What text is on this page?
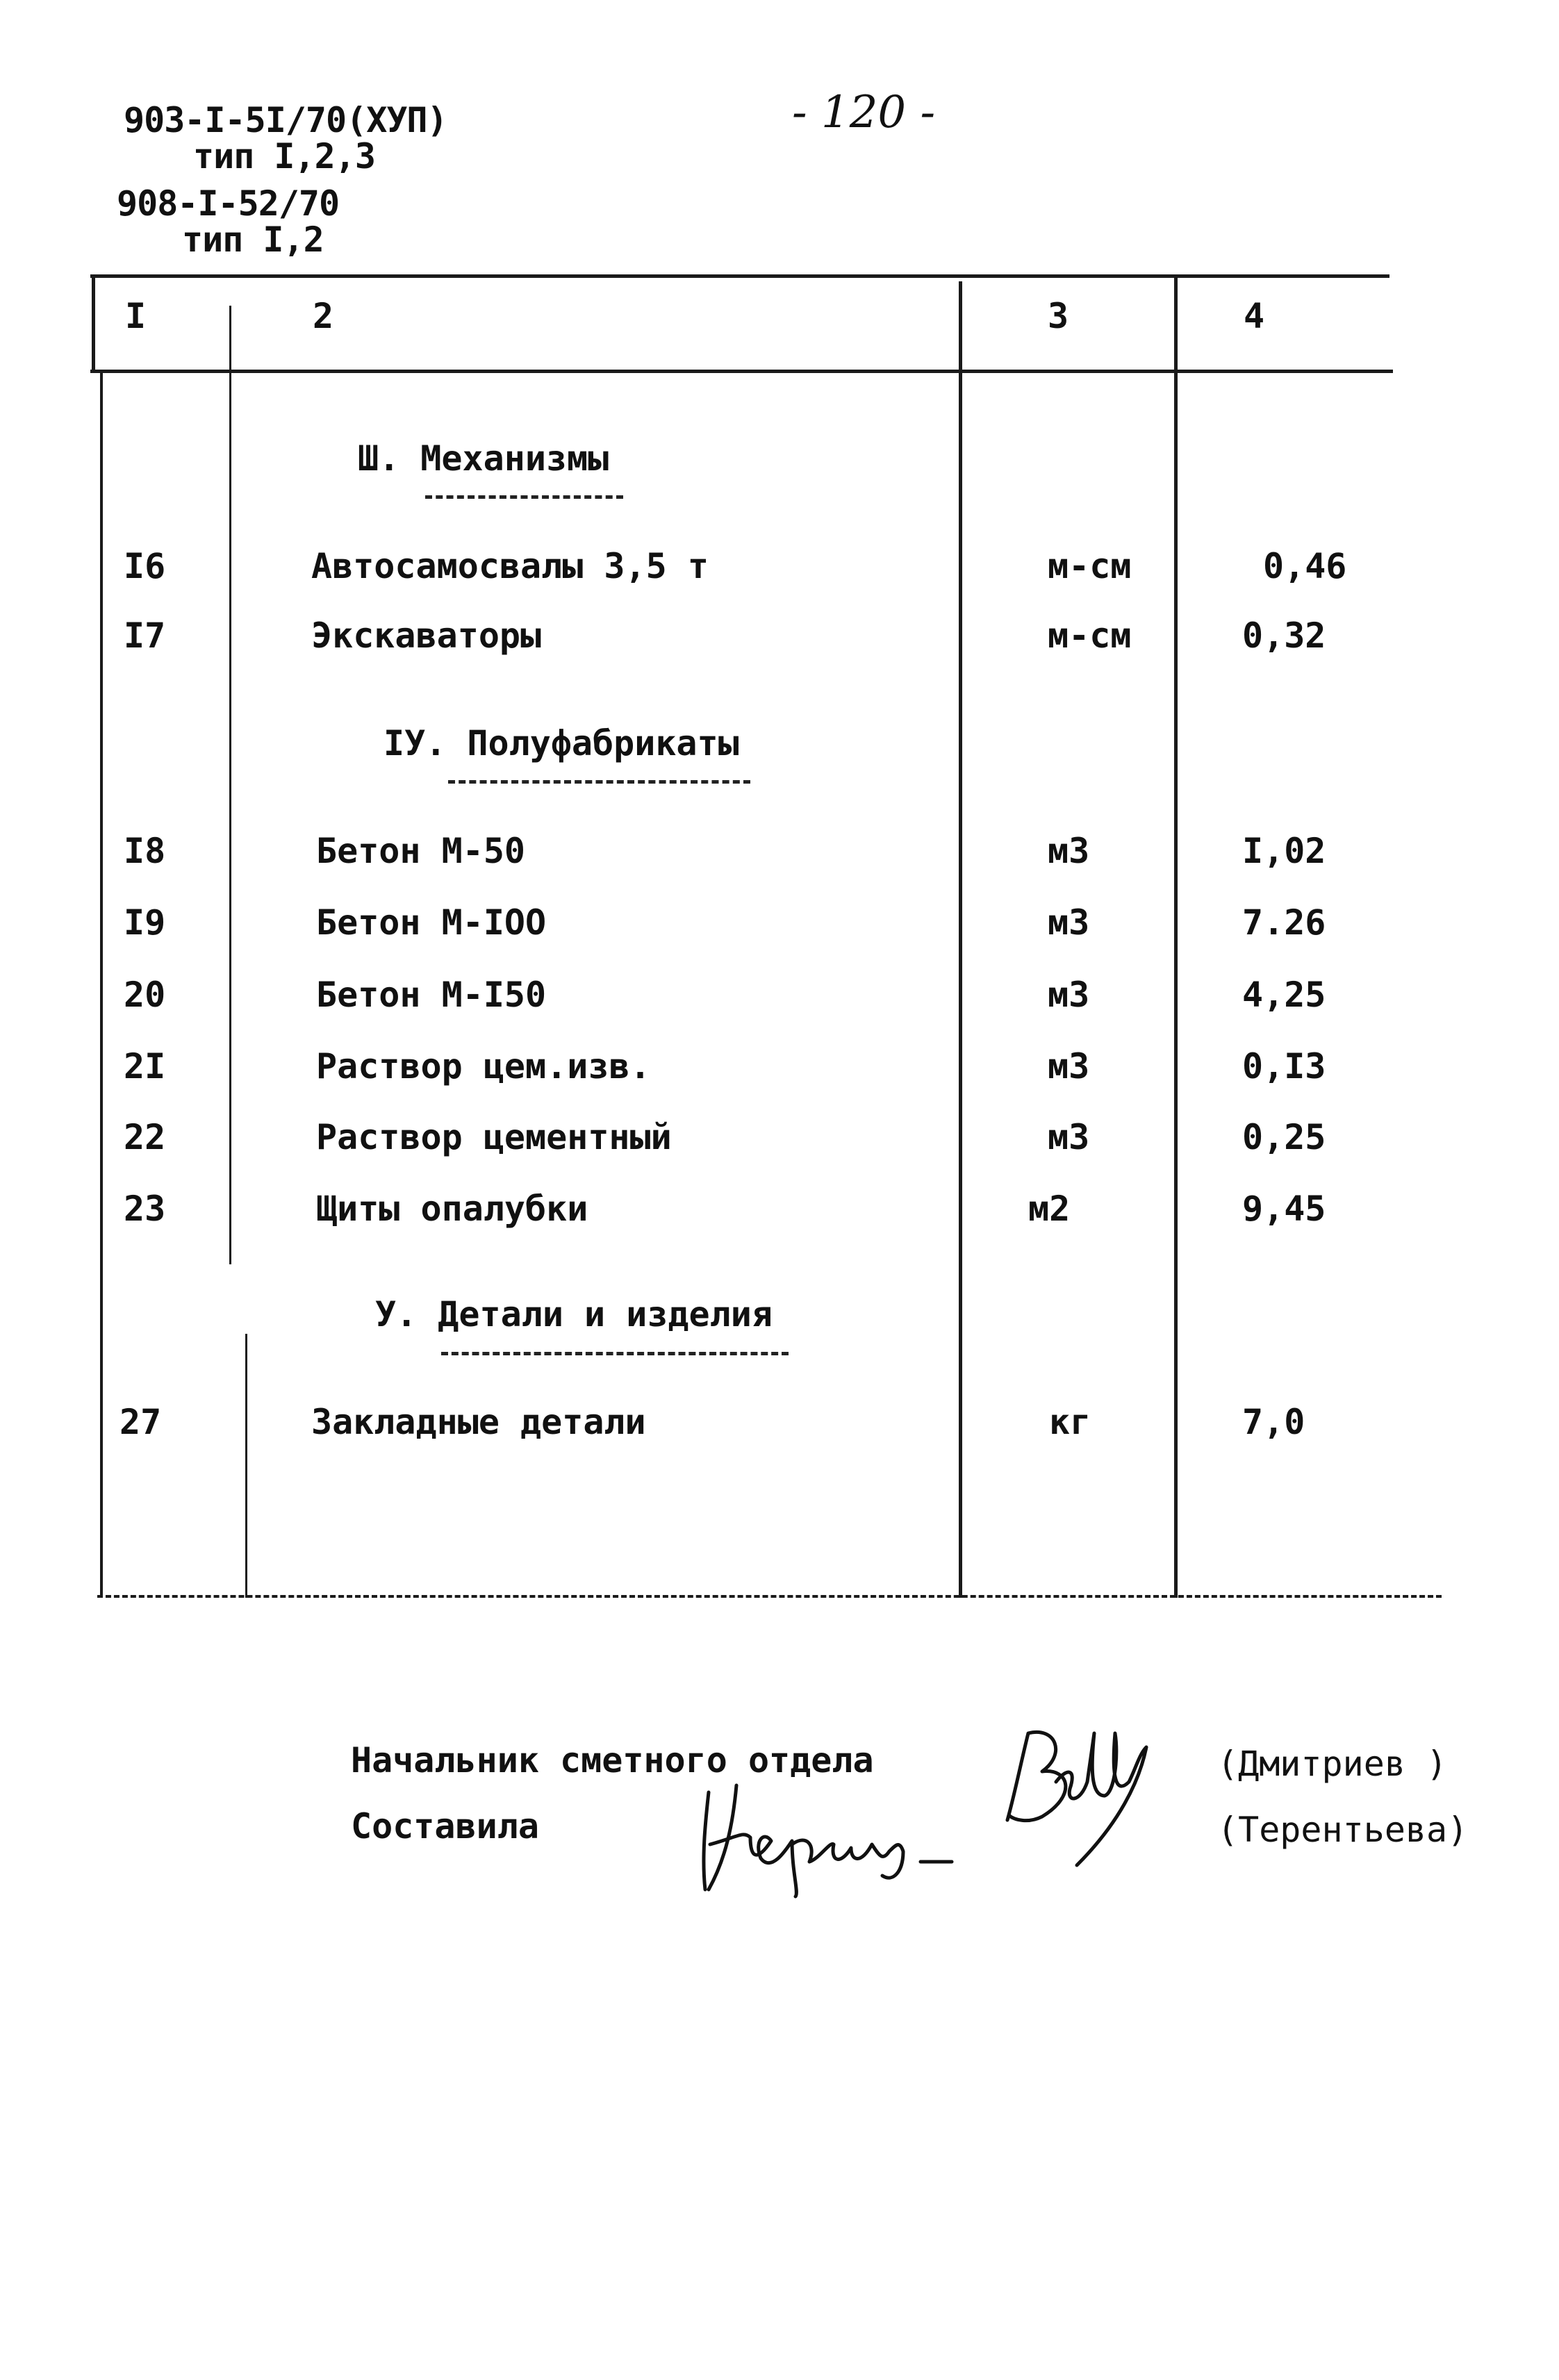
903-I-5I/70(XУП)
тип I,2,3
908-I-52/70
тип I,2
- 120 -
I	2	3	4
Ш. Механизмы
I6	Автосамосвалы 3,5 т	м-см	0,46
I7	Экскаваторы	м-см	0,32
IУ. Полуфабрикаты
I8	Бетон М-50	м3	I,02
I9	Бетон М-IOO	м3	7.26
20	Бетон М-I50	м3	4,25
2I	Раствор цем.изв.	м3	0,I3
22	Раствор цементный	м3	0,25
23	Щиты опалубки	м2	9,45
У. Детали и изделия
27	Закладные детали	кг	7,0
Начальник сметного отдела
Составила
(Дмитриев )
(Терентьева)
